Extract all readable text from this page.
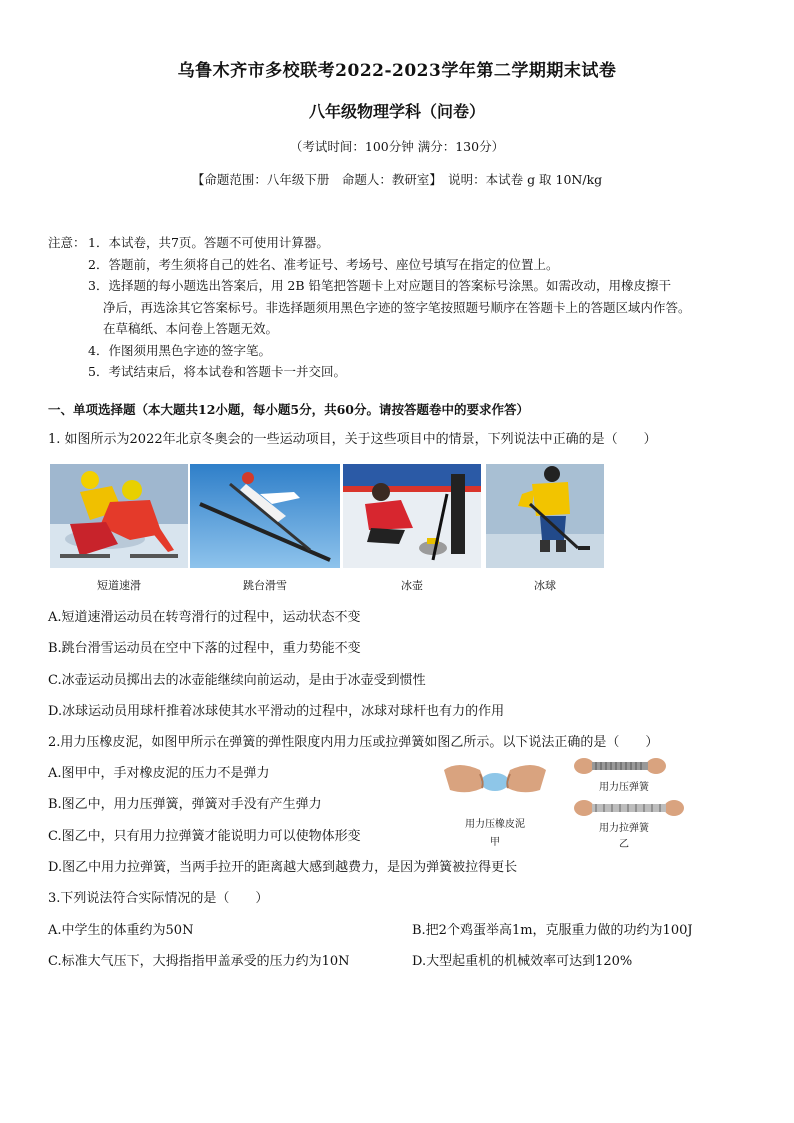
乌鲁木齐市多校联考2022-2023学年第二学期期末试卷
八年级物理学科（问卷）
（考试时间：100分钟 满分：130分）
【命题范围：八年级下册　命题人：教研室】　说明：本试卷 g 取 10N/kg
注意： 1．本试卷，共7页。答题不可使用计算器。
2．答题前，考生须将自己的姓名、准考证号、考场号、座位号填写在指定的位置上。
3．选择题的每小题选出答案后，用 2B 铅笔把答题卡上对应题目的答案标号涂黑。如需改动，用橡皮擦干
净后，再选涂其它答案标号。非选择题须用黑色字迹的签字笔按照题号顺序在答题卡上的答题区域内作答。
在草稿纸、本问卷上答题无效。
4．作图须用黑色字迹的签字笔。
5．考试结束后，将本试卷和答题卡一并交回。
一、单项选择题（本大题共12小题，每小题5分，共60分。请按答题卷中的要求作答）
1. 如图所示为2022年北京冬奥会的一些运动项目，关于这些项目中的情景，下列说法中正确的是（　　）
短道速滑	跳台滑雪	冰壶	冰球
A.短道速滑运动员在转弯滑行的过程中，运动状态不变
B.跳台滑雪运动员在空中下落的过程中，重力势能不变
C.冰壶运动员掷出去的冰壶能继续向前运动，是由于冰壶受到惯性
D.冰球运动员用球杆推着冰球使其水平滑动的过程中，冰球对球杆也有力的作用
2.用力压橡皮泥，如图甲所示在弹簧的弹性限度内用力压或拉弹簧如图乙所示。以下说法正确的是（　　）
A.图甲中，手对橡皮泥的压力不是弹力
B.图乙中，用力压弹簧，弹簧对手没有产生弹力
C.图乙中，只有用力拉弹簧才能说明力可以使物体形变
D.图乙中用力拉弹簧，当两手拉开的距离越大感到越费力，是因为弹簧被拉得更长
用力压橡皮泥
甲
用力压弹簧
用力拉弹簧
乙
3.下列说法符合实际情况的是（　　）
A.中学生的体重约为50N	B.把2个鸡蛋举高1m，克服重力做的功约为100J
C.标准大气压下，大拇指指甲盖承受的压力约为10N	D.大型起重机的机械效率可达到120%
